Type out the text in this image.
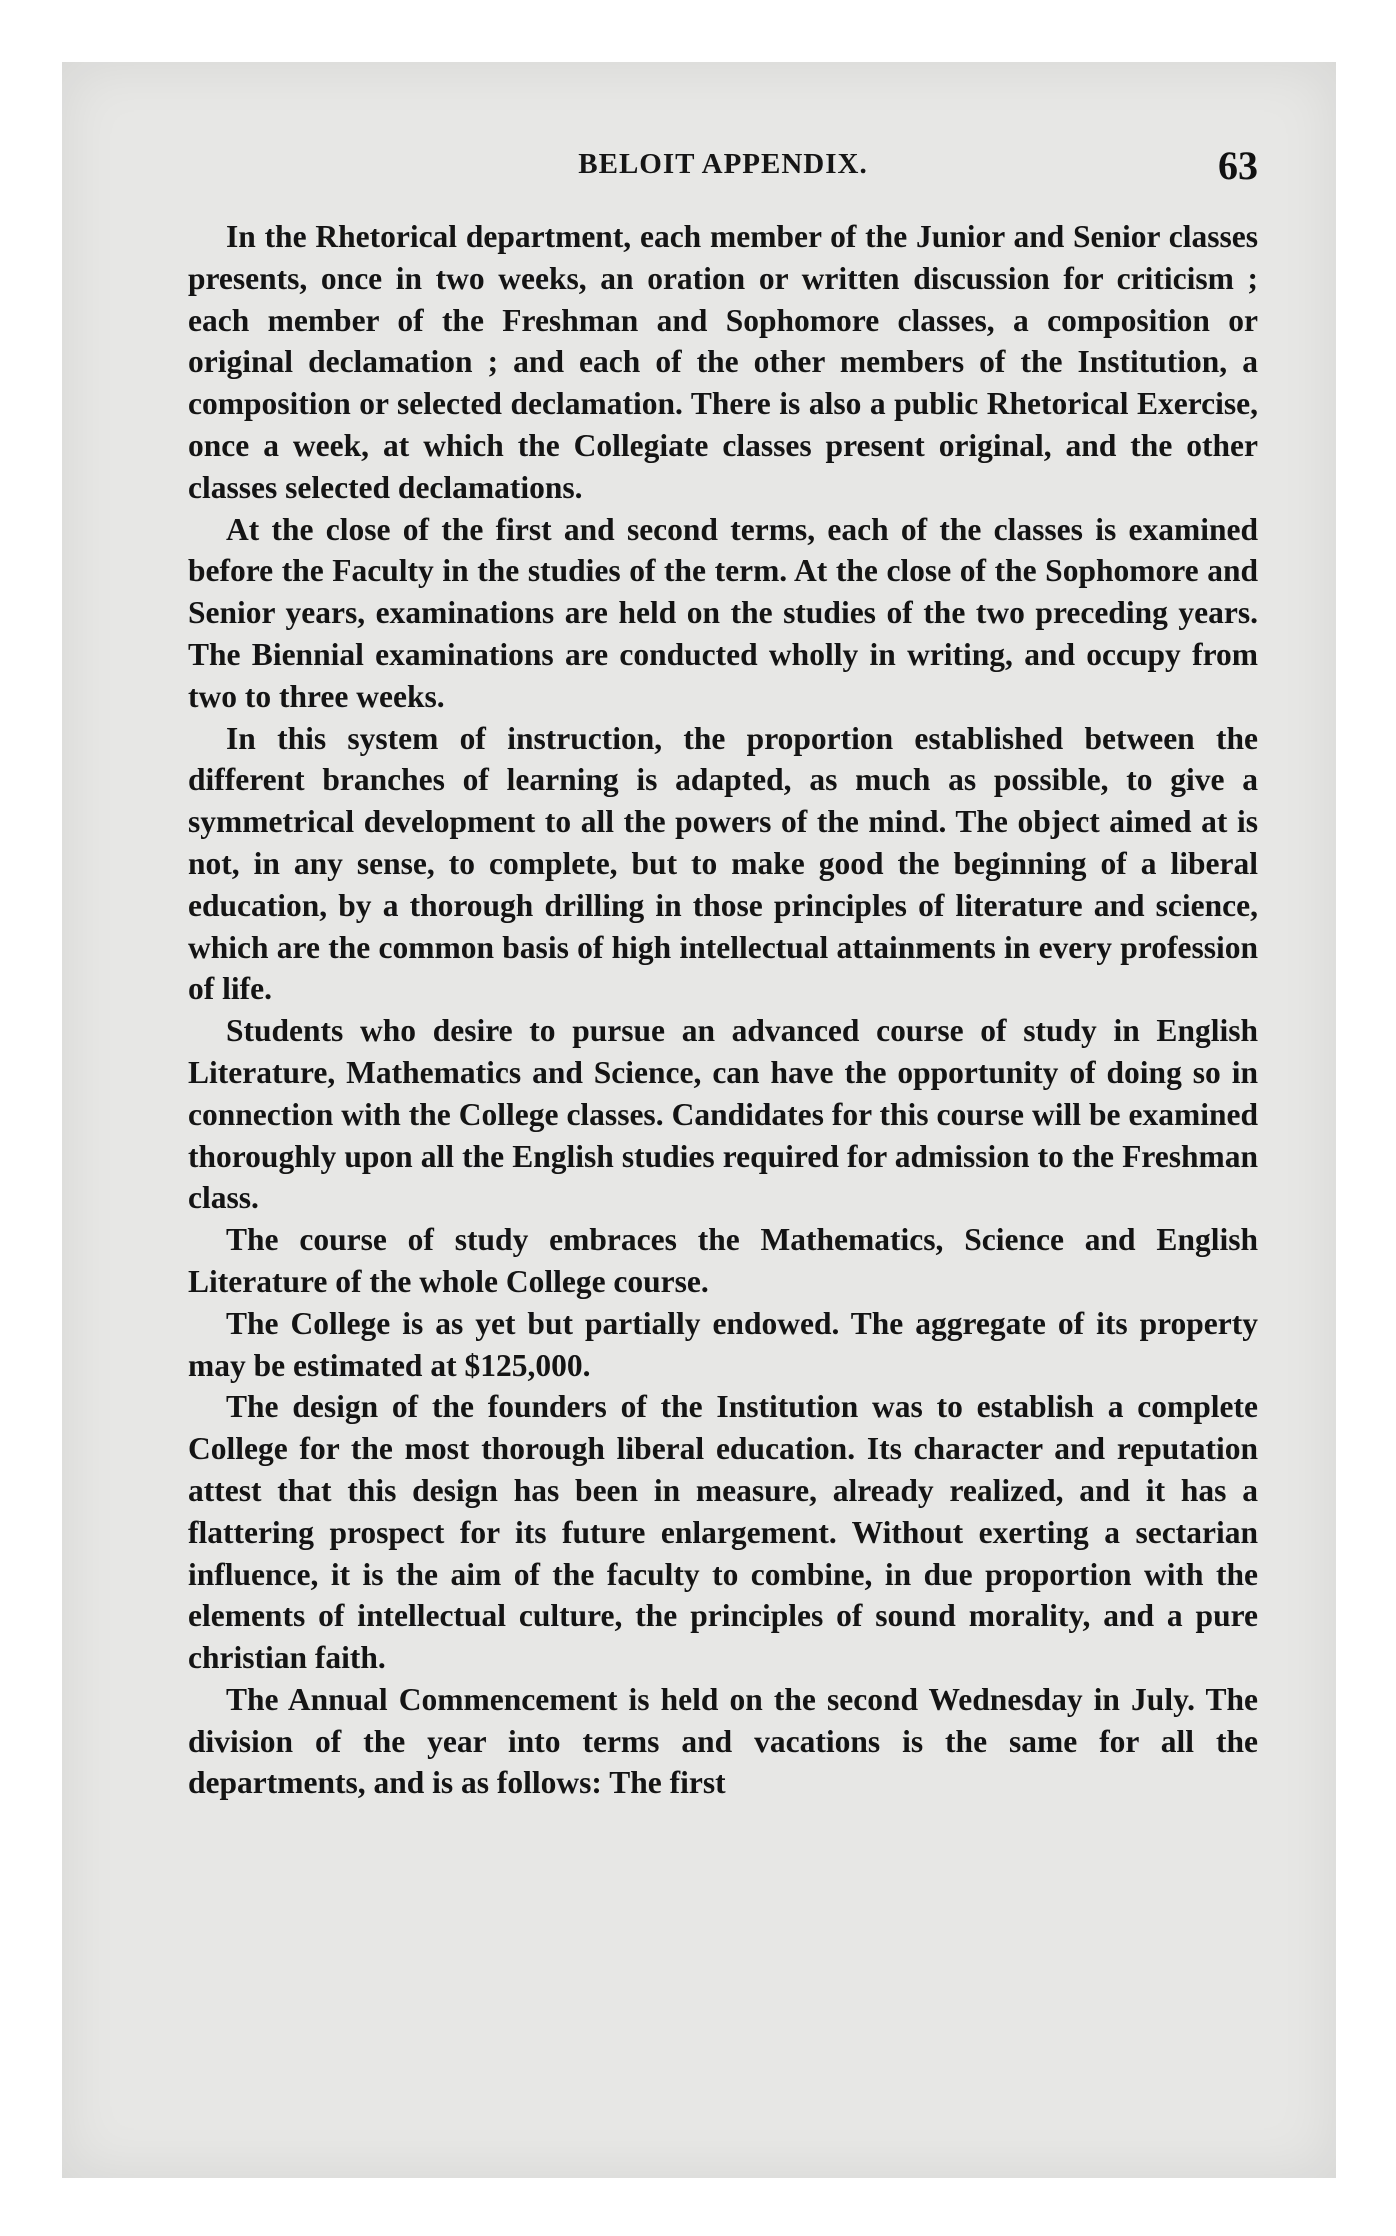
BELOIT APPENDIX.	63

In the Rhetorical department, each member of the Junior and Senior classes presents, once in two weeks, an oration or written discussion for criticism ; each member of the Freshman and Sophomore classes, a composition or original declamation ; and each of the other members of the Institution, a composition or selected declamation. There is also a public Rhetorical Exercise, once a week, at which the Collegiate classes present original, and the other classes selected declamations.

At the close of the first and second terms, each of the classes is examined before the Faculty in the studies of the term. At the close of the Sophomore and Senior years, examinations are held on the studies of the two preceding years. The Biennial examinations are conducted wholly in writing, and occupy from two to three weeks.

In this system of instruction, the proportion established between the different branches of learning is adapted, as much as possible, to give a symmetrical development to all the powers of the mind. The object aimed at is not, in any sense, to complete, but to make good the beginning of a liberal education, by a thorough drilling in those principles of literature and science, which are the common basis of high intellectual attainments in every profession of life.

Students who desire to pursue an advanced course of study in English Literature, Mathematics and Science, can have the opportunity of doing so in connection with the College classes. Candidates for this course will be examined thoroughly upon all the English studies required for admission to the Freshman class.

The course of study embraces the Mathematics, Science and English Literature of the whole College course.

The College is as yet but partially endowed. The aggregate of its property may be estimated at $125,000.

The design of the founders of the Institution was to establish a complete College for the most thorough liberal education. Its character and reputation attest that this design has been in measure, already realized, and it has a flattering prospect for its future enlargement. Without exerting a sectarian influence, it is the aim of the faculty to combine, in due proportion with the elements of intellectual culture, the principles of sound morality, and a pure christian faith.

The Annual Commencement is held on the second Wednesday in July. The division of the year into terms and vacations is the same for all the departments, and is as follows: The first
